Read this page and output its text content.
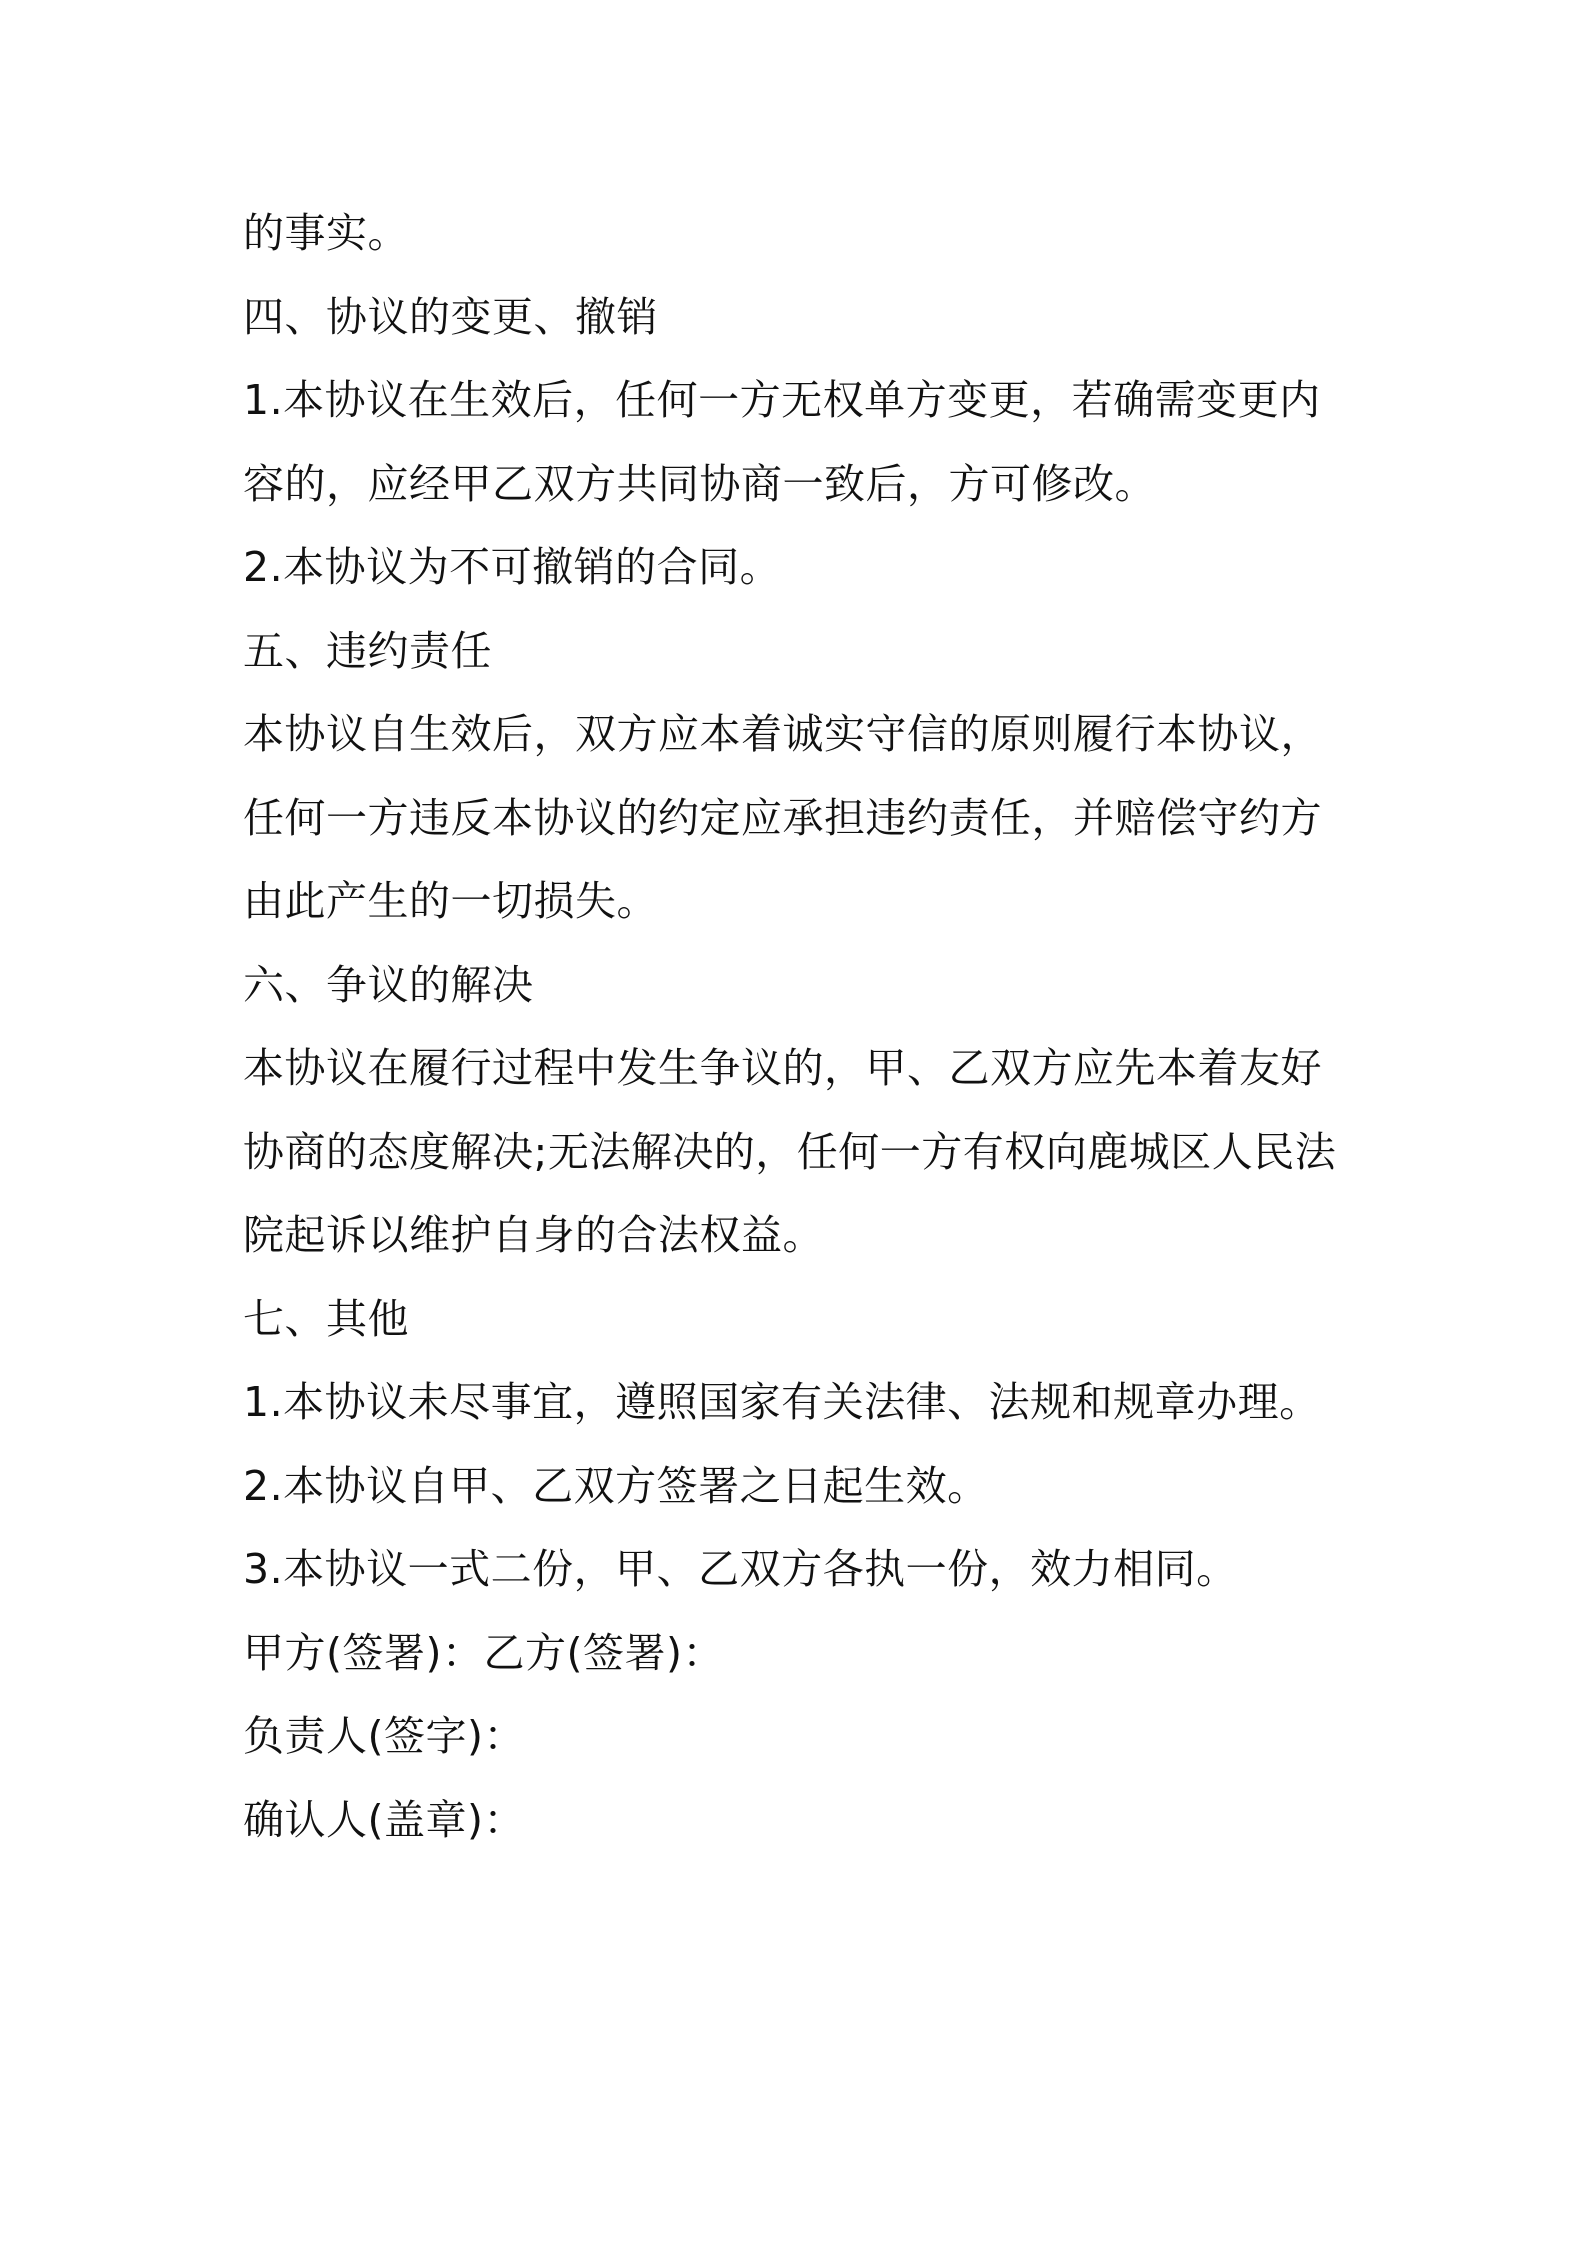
的事实。
四、协议的变更、撤销
1.本协议在生效后，任何一方无权单方变更，若确需变更内
容的，应经甲乙双方共同协商一致后，方可修改。
2.本协议为不可撤销的合同。
五、违约责任
本协议自生效后，双方应本着诚实守信的原则履行本协议，
任何一方违反本协议的约定应承担违约责任，并赔偿守约方
由此产生的一切损失。
六、争议的解决
本协议在履行过程中发生争议的，甲、乙双方应先本着友好
协商的态度解决;无法解决的，任何一方有权向鹿城区人民法
院起诉以维护自身的合法权益。
七、其他
1.本协议未尽事宜，遵照国家有关法律、法规和规章办理。
2.本协议自甲、乙双方签署之日起生效。
3.本协议一式二份，甲、乙双方各执一份，效力相同。
甲方(签署)：乙方(签署)：
负责人(签字)：
确认人(盖章)：
